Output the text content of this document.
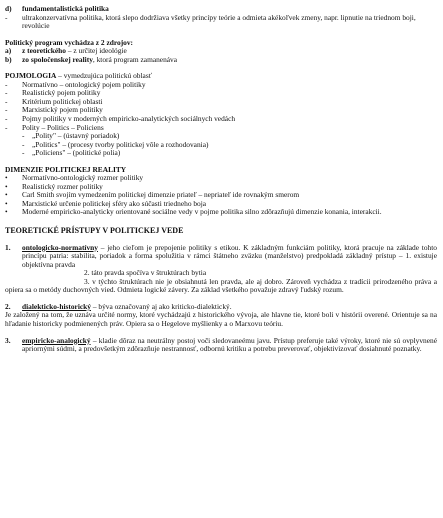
d) fundamentalistická politika
- ultrakonzervatívna politika, ktorá slepo dodržiava všetky princípy teórie a odmieta akékoľvek zmeny, napr. lipnutie na triednom boji, revolúcie
Politický program vychádza z 2 zdrojov:
a) z teoretického – z určitej ideológie
b) zo spoločenskej reality, ktorá program zamanenáva
POJMOLOGIA – vymedzujúca politickú oblasť
- Normatívno – ontologický pojem politiky
- Realistický pojem politiky
- Kritérium politickej oblasti
- Marxistický pojem politiky
- Pojmy politiky v moderných empiricko-analytických sociálnych vedách
- Polity – Politics – Policiens
- „Polity" – (ústavný poriadok)
- „Politics" – (procesy tvorby politickej vôle a rozhodovania)
- „Policiens" – (politické polia)
DIMENZIE POLITICKEJ REALITY
• Normatívno-ontologický rozmer politiky
• Realistický rozmer politiky
• Carl Smith svojím vymedzením politickej dimenzie priateľ – nepriateľ ide rovnakým smerom
• Marxistické určenie politickej sféry ako súčasti triedneho boja
• Moderné empiricko-analyticky orientované sociálne vedy v pojme politika silno zdôrazňujú dimenzie konania, interakcii.
TEORETICKÉ PRÍSTUPY V POLITICKEJ VEDE
1. ontologicko-normatívny – jeho cieľom je prepojenie politiky s etikou. K základným funkciám politiky, ktorá pracuje na základe tohto princípu patria: stabilita, poriadok a forma spolužitia v rámci štátneho zväzku (manželstvo) predpokladá základný prístup – 1. existuje objektívna pravda
2. táto pravda spočíva v štruktúrach bytia
3. v týchto štruktúrach nie je obsiahnutá len pravda, ale aj dobro. Zároveň vychádza z tradícii prirodzeného práva a opiera sa o metódy duchovných vied. Odmieta logické závery. Za základ všetkého považuje zdravý ľudský rozum.
2. dialekticko-historický – býva označovaný aj ako kriticko-dialektický.
Je založený na tom, že uznáva určité normy, ktoré vychádzajú z historického vývoja, ale hlavne tie, ktoré boli v histórii overené. Orientuje sa na hľadanie historicky podmienených práv. Opiera sa o Hegelove myšlienky a o Marxovu teóriu.
3. empiricko-analogický – kladie dôraz na neutrálny postoj voči sledovaneému javu. Prístup preferuje také výroky, ktoré nie sú ovplyvnené apriornými súdmi, a predovšetkým zdôrazňuje nestrannosť, odbornú kritiku a potrebu preverovať, objektivizovať dosiahnuté poznatky.
